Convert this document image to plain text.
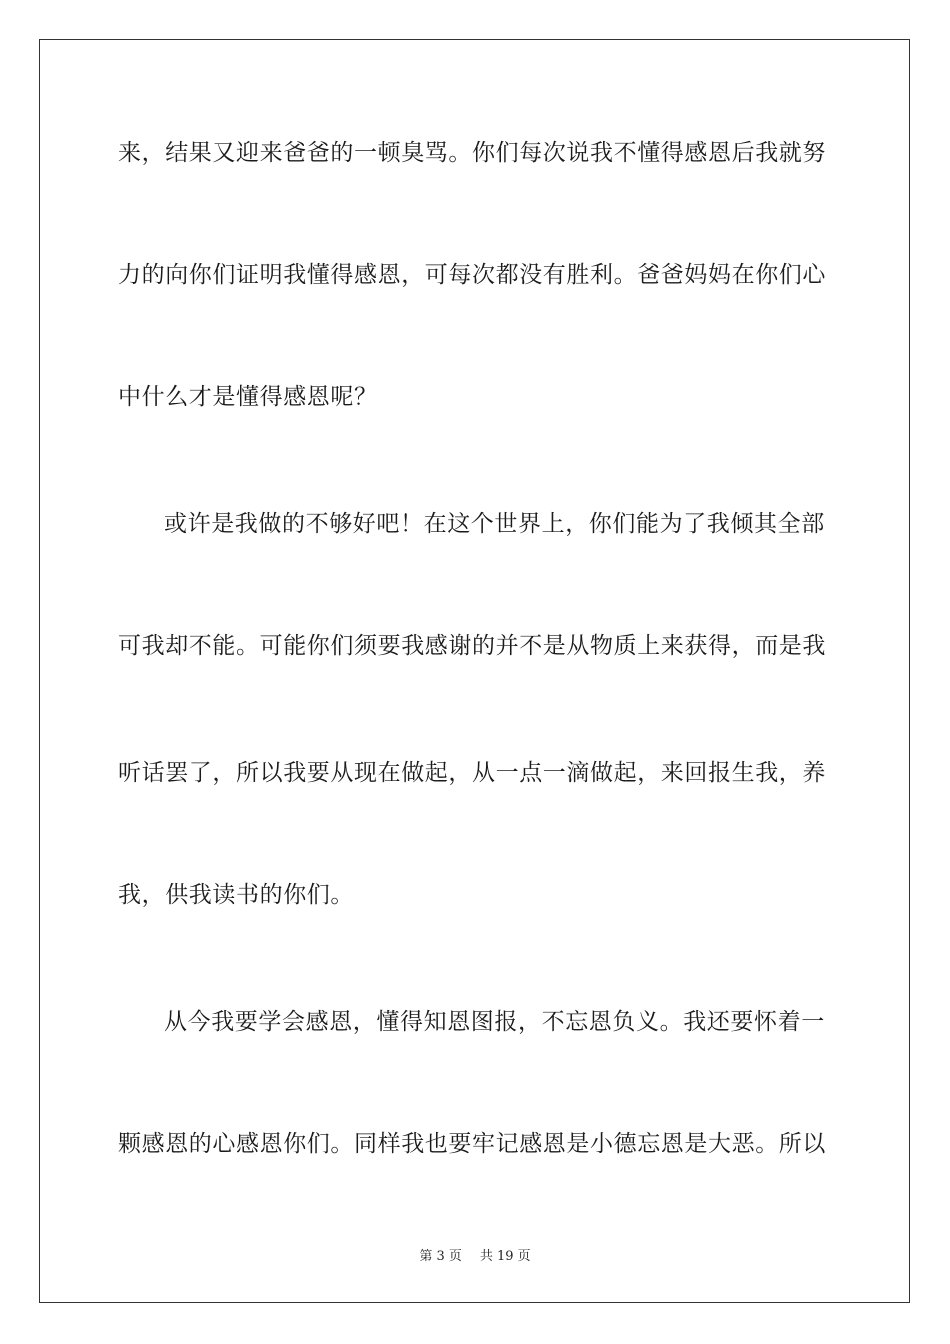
来，结果又迎来爸爸的一顿臭骂。你们每次说我不懂得感恩后我就努
力的向你们证明我懂得感恩，可每次都没有胜利。爸爸妈妈在你们心
中什么才是懂得感恩呢？
或许是我做的不够好吧！在这个世界上，你们能为了我倾其全部
可我却不能。可能你们须要我感谢的并不是从物质上来获得，而是我
听话罢了，所以我要从现在做起，从一点一滴做起，来回报生我，养
我，供我读书的你们。
从今我要学会感恩，懂得知恩图报，不忘恩负义。我还要怀着一
颗感恩的心感恩你们。同样我也要牢记感恩是小德忘恩是大恶。所以
第 3 页 共 19 页
